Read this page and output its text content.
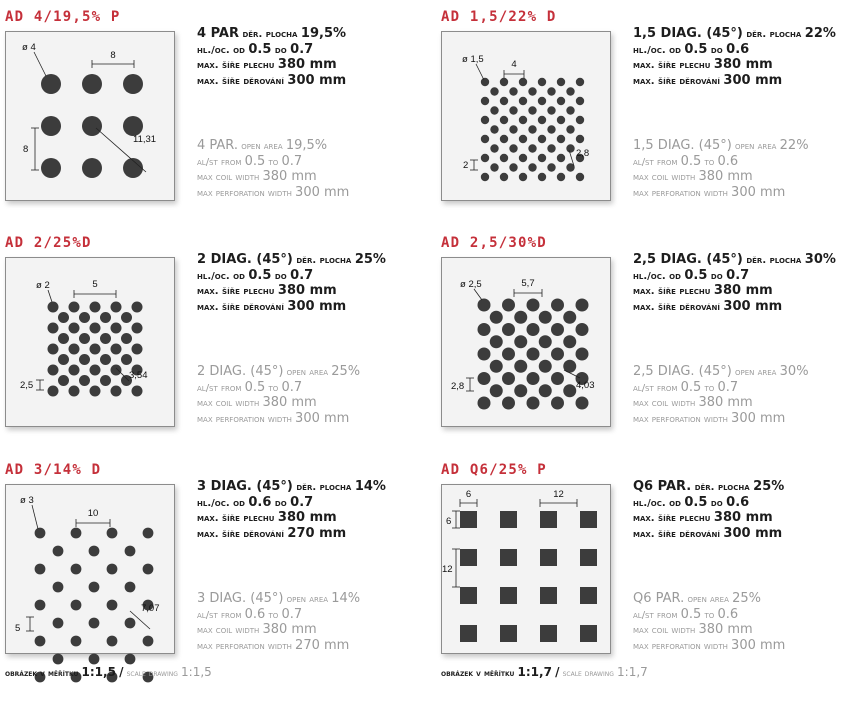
AD 4/19,5% P
ø 4
8
8
11,31
4 PAR děr. plocha 19,5%
hl./oc. od 0.5 do 0.7
max. šíře plechu 380 mm
max. šíře děrování 300 mm
4 PAR. open area 19,5%
al/st from 0.5 to 0.7
max coil width 380 mm
max perforation width 300 mm
AD 1,5/22% D
ø 1,5	4
2
2,8
1,5 DIAG. (45°) děr. plocha 22%
hl./oc. od 0.5 do 0.6
max. šíře plechu 380 mm
max. šíře děrování 300 mm
1,5 DIAG. (45°) open area 22%
al/st from 0.5 to 0.6
max coil width 380 mm
max perforation width 300 mm
AD 2/25%D
ø 2	5
2,5
3,54
2 DIAG. (45°) děr. plocha 25%
hl./oc. od 0.5 do 0.7
max. šíře plechu 380 mm
max. šíře děrování 300 mm
2 DIAG. (45°) open area 25%
al/st from 0.5 to 0.7
max coil width 380 mm
max perforation width 300 mm
AD 2,5/30%D
ø 2,5	5,7
2,8	4,03
2,5 DIAG. (45°) děr. plocha 30%
hl./oc. od 0.5 do 0.7
max. šíře plechu 380 mm
max. šíře děrování 300 mm
2,5 DIAG. (45°) open area 30%
al/st from 0.5 to 0.7
max coil width 380 mm
max perforation width 300 mm
AD 3/14% D
ø 3
10
5
7,07
3 DIAG. (45°) děr. plocha 14%
hl./oc. od 0.6 do 0.7
max. šíře plechu 380 mm
max. šíře děrování 270 mm
3 DIAG. (45°) open area 14%
al/st from 0.6 to 0.7
max coil width 380 mm
max perforation width 270 mm
AD Q6/25% P
6	12
6
12
Q6 PAR. děr. plocha 25%
hl./oc. od 0.5 do 0.6
max. šíře plechu 380 mm
max. šíře děrování 300 mm
Q6 PAR. open area 25%
al/st from 0.5 to 0.6
max coil width 380 mm
max perforation width 300 mm
obrázek v měřítku 1:1,5 / scale drawing 1:1,5	obrázek v měřítku 1:1,7 / scale drawing 1:1,7
